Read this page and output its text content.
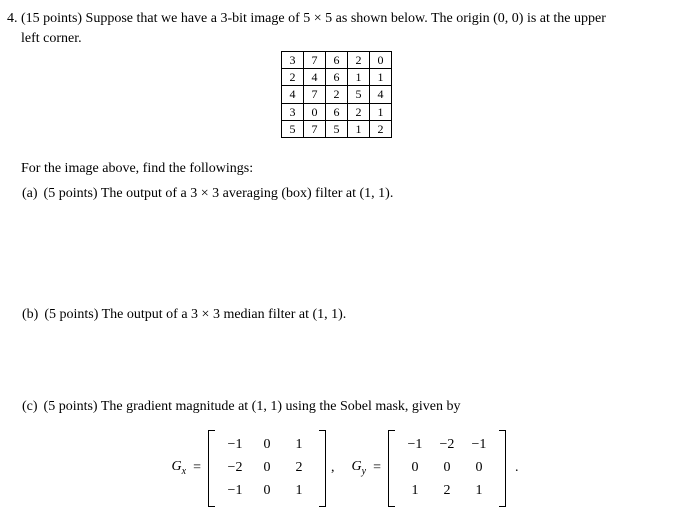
4. (15 points) Suppose that we have a 3-bit image of 5 × 5 as shown below. The origin (0, 0) is at the upper
left corner.
3	7	6	2	0
2	4	6	1	1
4	7	2	5	4
3	0	6	2	1
5	7	5	1	2
For the image above, find the followings:
(a) (5 points) The output of a 3 × 3 averaging (box) filter at (1, 1).
(b) (5 points) The output of a 3 × 3 median filter at (1, 1).
(c) (5 points) The gradient magnitude at (1, 1) using the Sobel mask, given by
$G_x$ =
−1	0	1
−2	0	2
−1	0	1
, $G_y$ =
−1	−2	−1
0	0	0
1	2	1
.
